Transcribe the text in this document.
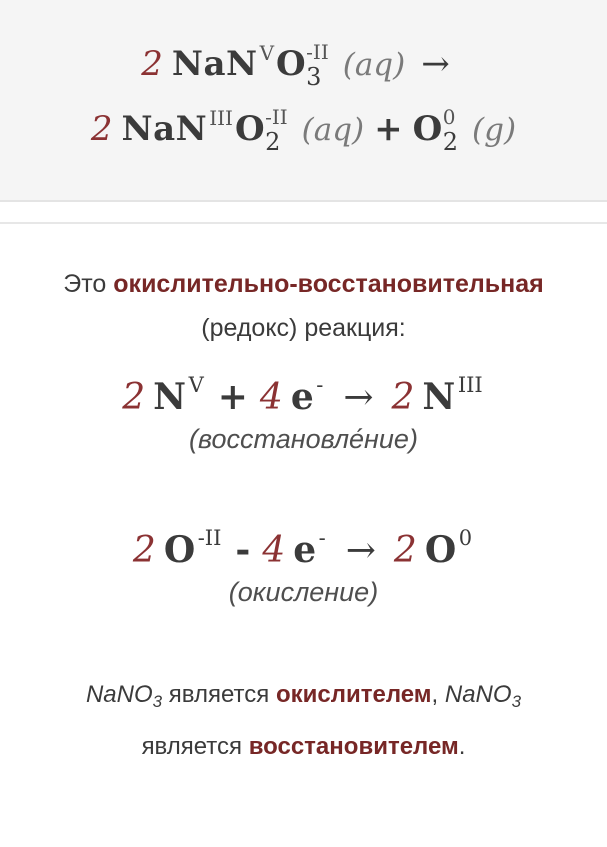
2 NaN V O -II
3 (aq) →
2 NaN III O -II
2 (aq) + O 0
2 (g)

Это окислительно-восстановительная
(редокс) реакция:

2 N V + 4 e - → 2 N III
(восстановле́ние)
2 O -II - 4 e - → 2 O 0
(окисление)

NaNO$_3$ является окислителем, NaNO$_3$
является восстановителем.
